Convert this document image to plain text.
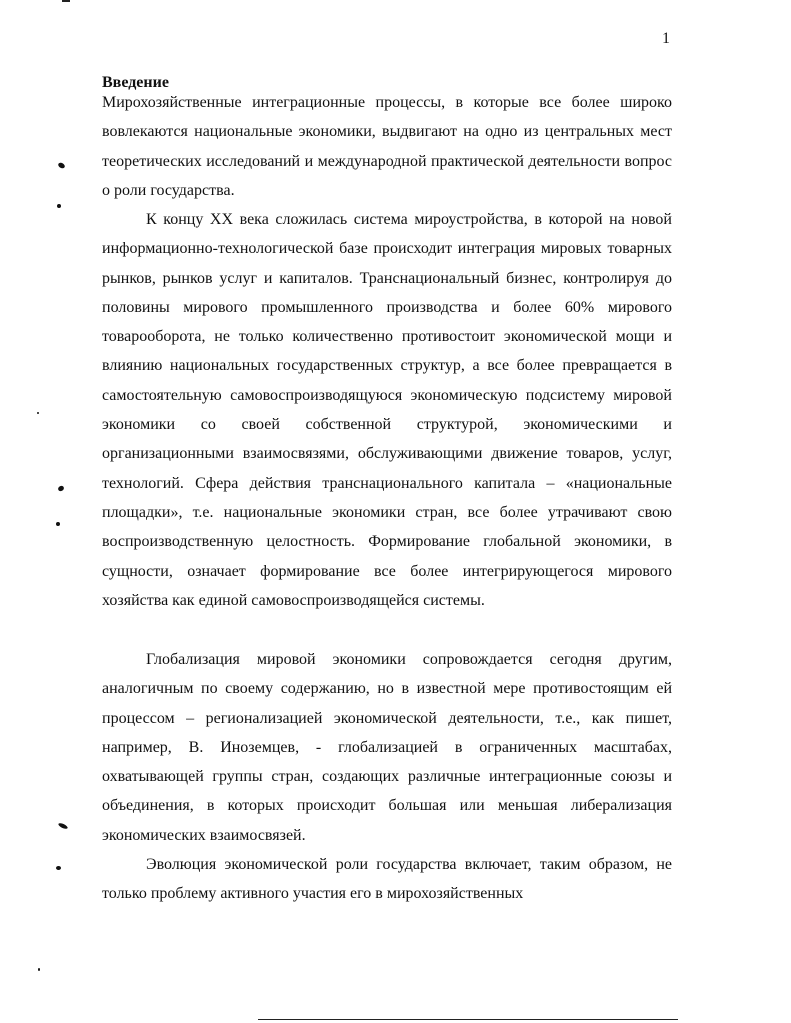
1
Введение
Мирохозяйственные интеграционные процессы, в которые все более широко вовлекаются национальные экономики, выдвигают на одно из центральных мест теоретических исследований и международной практической деятельности вопрос о роли государства.
К концу XX века сложилась система мироустройства, в которой на новой информационно-технологической базе происходит интеграция мировых товарных рынков, рынков услуг и капиталов. Транснациональный бизнес, контролируя до половины мирового промышленного производства и более 60% мирового товарооборота, не только количественно противостоит экономической мощи и влиянию национальных государственных структур, а все более превращается в самостоятельную самовоспроизводящуюся экономическую подсистему мировой экономики со своей собственной структурой, экономическими и организационными взаимосвязями, обслуживающими движение товаров, услуг, технологий. Сфера действия транснационального капитала – «национальные площадки», т.е. национальные экономики стран, все более утрачивают свою воспроизводственную целостность. Формирование глобальной экономики, в сущности, означает формирование все более интегрирующегося мирового хозяйства как единой самовоспроизводящейся системы.
Глобализация мировой экономики сопровождается сегодня другим, аналогичным по своему содержанию, но в известной мере противостоящим ей процессом – регионализацией экономической деятельности, т.е., как пишет, например, В. Иноземцев, - глобализацией в ограниченных масштабах, охватывающей группы стран, создающих различные интеграционные союзы и объединения, в которых происходит большая или меньшая либерализация экономических взаимосвязей.
Эволюция экономической роли государства включает, таким образом, не только проблему активного участия его в мирохозяйственных
